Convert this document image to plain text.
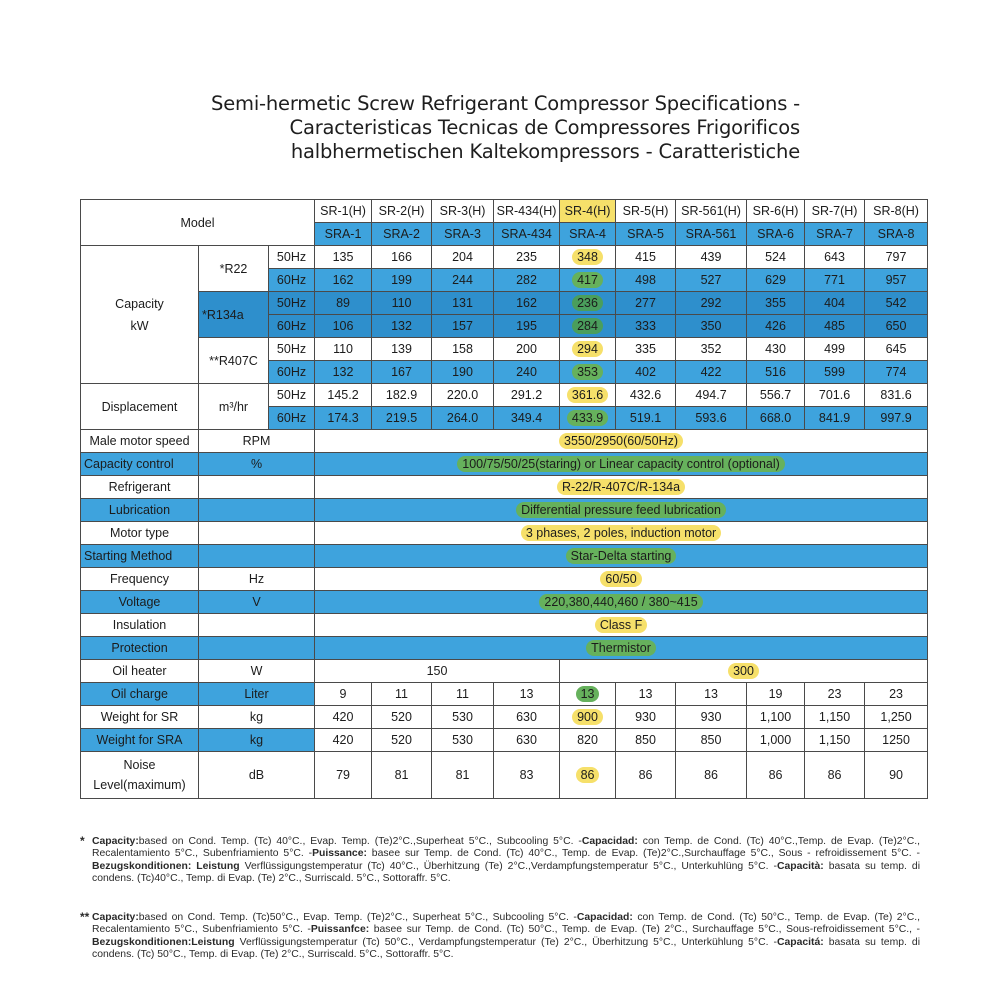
Semi-hermetic Screw Refrigerant Compressor Specifications -
Caracteristicas Tecnicas de Compressores Frigorificos
halbhermetischen Kaltekompressors - Caratteristiche
Model			SR-1(H)	SR-2(H)	SR-3(H)	SR-434(H)	SR-4(H)	SR-5(H)	SR-561(H)	SR-6(H)	SR-7(H)	SR-8(H)
			SRA-1	SRA-2	SRA-3	SRA-434	SRA-4	SRA-5	SRA-561	SRA-6	SRA-7	SRA-8

Capacity
kW	*R22	50Hz	135	166	204	235	348	415	439	524	643	797
		60Hz	162	199	244	282	417	498	527	629	771	957
	*R134a	50Hz	89	110	131	162	236	277	292	355	404	542
		60Hz	106	132	157	195	284	333	350	426	485	650
	**R407C	50Hz	110	139	158	200	294	335	352	430	499	645
		60Hz	132	167	190	240	353	402	422	516	599	774
Displacement	m³/hr	50Hz	145.2	182.9	220.0	291.2	361.6	432.6	494.7	556.7	701.6	831.6
		60Hz	174.3	219.5	264.0	349.4	433.9	519.1	593.6	668.0	841.9	997.9
Male motor speed	RPM		3550/2950(60/50Hz)									
Capacity control	%		100/75/50/25(staring) or Linear capacity control (optional)									
Refrigerant			R-22/R-407C/R-134a									
Lubrication			Differential pressure feed lubrication									
Motor type			3 phases, 2 poles, induction motor									
Starting Method			Star-Delta starting									
Frequency	Hz		60/50									
Voltage	V		220,380,440,460 / 380~415									
Insulation			Class F									
Protection			Thermistor									
Oil heater	W		150				300					
Oil charge	Liter		9	11	11	13	13	13	13	19	23	23
Weight for SR	kg		420	520	530	630	900	930	930	1,100	1,150	1,250
Weight for SRA	kg		420	520	530	630	820	850	850	1,000	1,150	1250

Noise
Level(maximum)	dB		79	81	81	83	86	86	86	86	86	90
* Capacity:based on Cond. Temp. (Tc) 40°C., Evap. Temp. (Te)2°C.,Superheat 5°C., Subcooling 5°C. -Capacidad: con Temp. de Cond. (Tc) 40°C.,Temp. de Evap. (Te)2°C., Recalentamiento 5°C., Subenfriamiento 5°C. -Puissance: basee sur Temp. de Cond. (Tc) 40°C., Temp. de Evap. (Te)2°C.,Surchauffage 5°C., Sous - refroidissement 5°C. -Bezugskonditionen: Leistung Verflüssigungstemperatur (Tc) 40°C., Überhitzung (Te) 2°C.,Verdampfungstemperatur 5°C., Unterkuhlüng 5°C. -Capacità: basata su temp. di condens. (Tc)40°C., Temp. di Evap. (Te) 2°C., Surriscald. 5°C., Sottoraffr. 5°C.
** Capacity:based on Cond. Temp. (Tc)50°C., Evap. Temp. (Te)2°C., Superheat 5°C., Subcooling 5°C. -Capacidad: con Temp. de Cond. (Tc) 50°C., Temp. de Evap. (Te) 2°C., Recalentamiento 5°C., Subenfriamiento 5°C. -Puissanfce: basee sur Temp. de Cond. (Tc) 50°C., Temp. de Evap. (Te) 2°C., Surchauffage 5°C., Sous-refroidissement 5°C., -Bezugskonditionen:Leistung Verflüssigungstemperatur (Tc) 50°C., Verdampfungstemperatur (Te) 2°C., Überhitzung 5°C., Unterkühlung 5°C. -Capacitá: basata su temp. di condens. (Tc) 50°C., Temp. di Evap. (Te) 2°C., Surriscald. 5°C., Sottoraffr. 5°C.
